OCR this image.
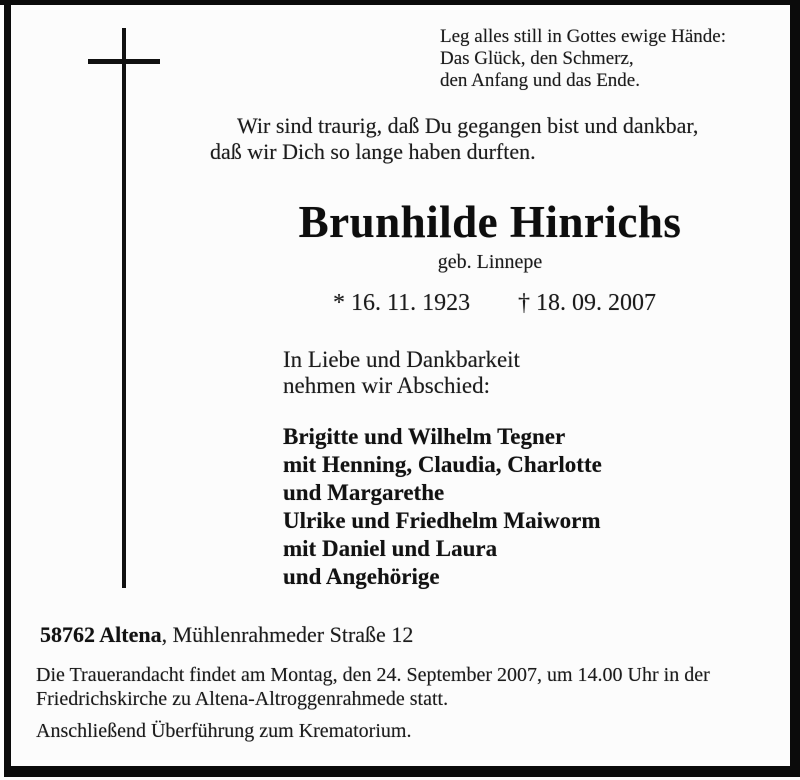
Leg alles still in Gottes ewige Hände:
Das Glück, den Schmerz,
den Anfang und das Ende.
Wir sind traurig, daß Du gegangen bist und dankbar,
daß wir Dich so lange haben durften.
Brunhilde Hinrichs
geb. Linnepe
* 16. 11. 1923 † 18. 09. 2007
In Liebe und Dankbarkeit
nehmen wir Abschied:
Brigitte und Wilhelm Tegner
mit Henning, Claudia, Charlotte
und Margarethe
Ulrike und Friedhelm Maiworm
mit Daniel und Laura
und Angehörige
58762 Altena, Mühlenrahmeder Straße 12
Die Trauerandacht findet am Montag, den 24. September 2007, um 14.00 Uhr in der
Friedrichskirche zu Altena-Altroggenrahmede statt.
Anschließend Überführung zum Krematorium.
